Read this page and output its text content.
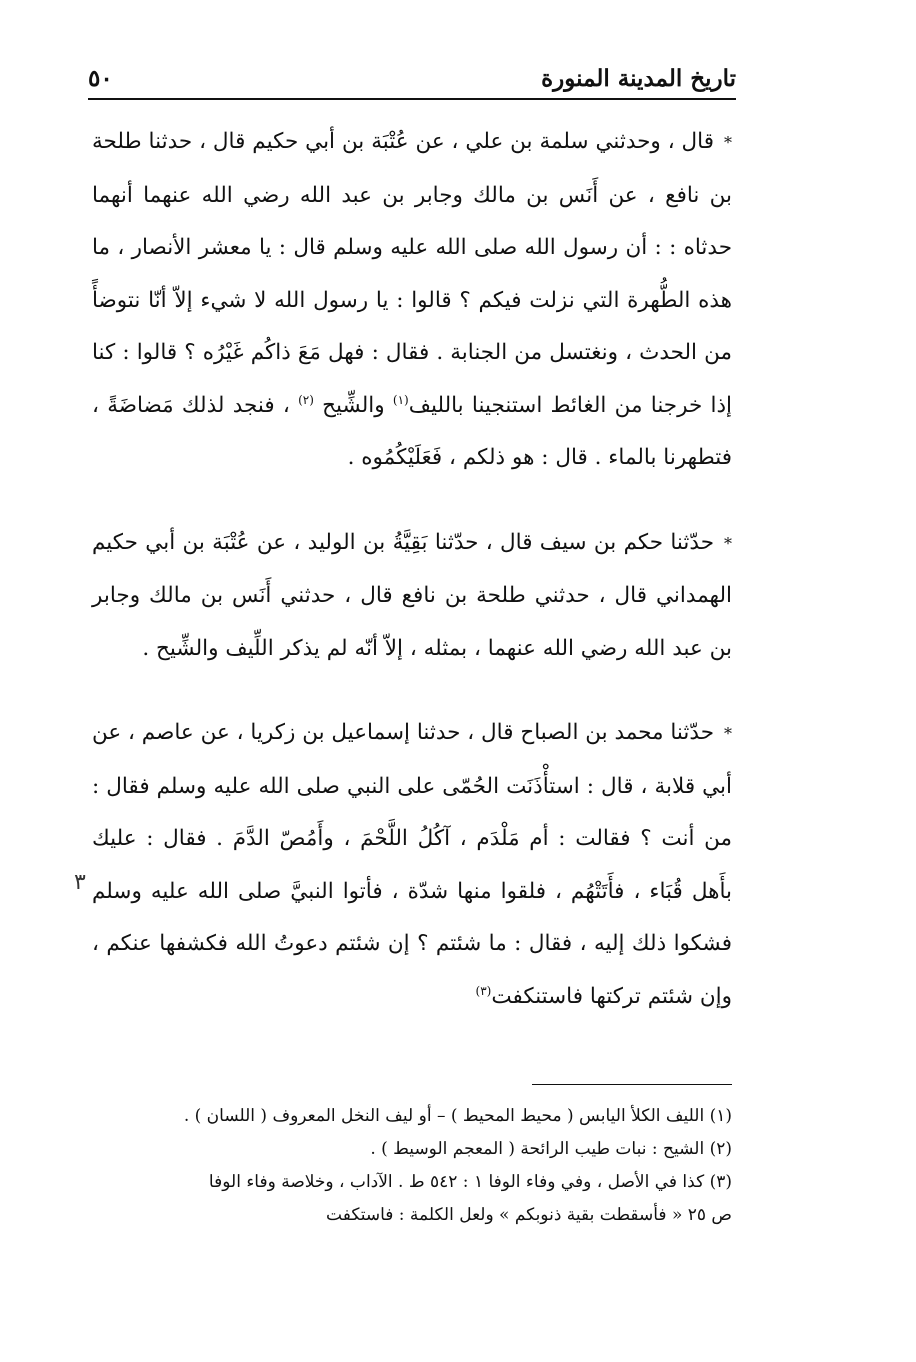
تاريخ المدينة المنورة
٥٠

*قال ، وحدثني سلمة بن علي ، عن عُتْبَة بن أبي حكيم قال ، حدثنا طلحة بن نافع ، عن أَنَس بن مالك وجابر بن عبد الله رضي الله عنهما أنهما حدثاه : : أن رسول الله صلى الله عليه وسلم قال : يا معشر الأنصار ، ما هذه الطُّهرة التي نزلت فيكم ؟ قالوا : يا رسول الله لا شيء إلاّ أنّا نتوضأً من الحدث ، ونغتسل من الجنابة . فقال : فهل مَعَ ذاكُم غَيْرُه ؟ قالوا : كنا إذا خرجنا من الغائط استنجينا بالليف$^{(١)}$ والشِّيح $^{(٢)}$ ، فنجد لذلك مَضاضَةً ، فتطهرنا بالماء . قال : هو ذلكم ، فَعَلَيْكُمُوه .

*حدّثنا حكم بن سيف قال ، حدّثنا بَقِيَّةُ بن الوليد ، عن عُتْبَة بن أبي حكيم الهمداني قال ، حدثني طلحة بن نافع قال ، حدثني أَنَس بن مالك وجابر بن عبد الله رضي الله عنهما ، بمثله ، إلاّ أنّه لم يذكر اللِّيف والشِّيح .

*حدّثنا محمد بن الصباح قال ، حدثنا إسماعيل بن زكريا ، عن عاصم ، عن أبي قلابة ، قال : استأْذَنَت الحُمّى على النبي صلى الله عليه وسلم فقال : من أنت ؟ فقالت : أم مَلْدَم ، آكُلُ اللَّحْمَ ، وأَمُصّ الدَّمَ . فقال : عليك بأَهل قُبَاء ، فأَتَتْهُم ، فلقوا منها شدّة ، فأتوا النبيَّ صلى الله عليه وسلم فشكوا ذلك إليه ، فقال : ما شئتم ؟ إن شئتم دعوتُ الله فكشفها عنكم ، وإن شئتم تركتها فاستنكفت$^{(٣)}$

٣

(١) الليف الكلأ اليابس ( محيط المحيط ) – أو ليف النخل المعروف ( اللسان ) .

(٢) الشيح : نبات طيب الرائحة ( المعجم الوسيط ) .

(٣) كذا في الأصل ، وفي وفاء الوفا ١ : ٥٤٢ ط . الآداب ، وخلاصة وفاء الوفا

ص ٢٥ « فأسقطت بقية ذنوبكم » ولعل الكلمة : فاستكفت
